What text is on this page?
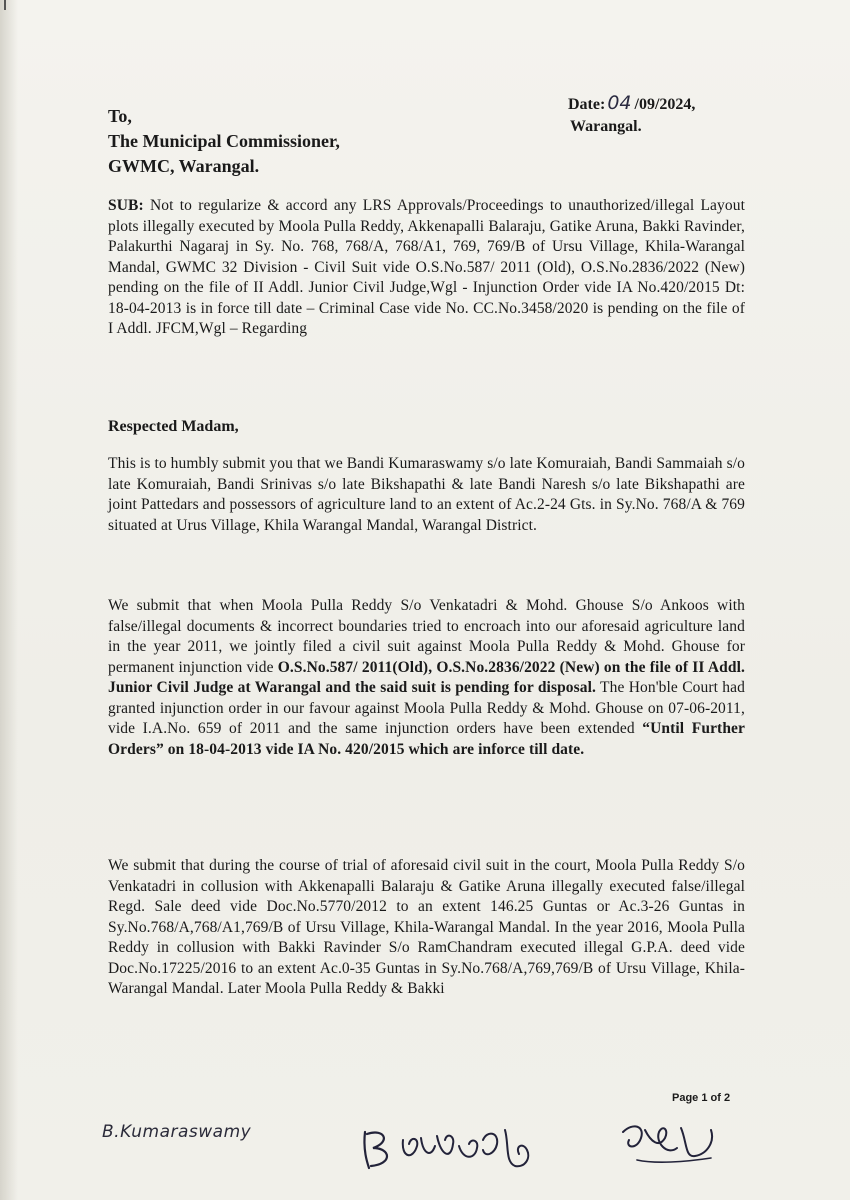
Date: 04 /09/2024,
Warangal.
To,
The Municipal Commissioner,
GWMC, Warangal.
SUB: Not to regularize & accord any LRS Approvals/Proceedings to unauthorized/illegal Layout plots illegally executed by Moola Pulla Reddy, Akkenapalli Balaraju, Gatike Aruna, Bakki Ravinder, Palakurthi Nagaraj in Sy. No. 768, 768/A, 768/A1, 769, 769/B of Ursu Village, Khila-Warangal Mandal, GWMC 32 Division - Civil Suit vide O.S.No.587/ 2011 (Old), O.S.No.2836/2022 (New) pending on the file of II Addl. Junior Civil Judge,Wgl - Injunction Order vide IA No.420/2015 Dt: 18-04-2013 is in force till date – Criminal Case vide No. CC.No.3458/2020 is pending on the file of I Addl. JFCM,Wgl – Regarding
Respected Madam,
This is to humbly submit you that we Bandi Kumaraswamy s/o late Komuraiah, Bandi Sammaiah s/o late Komuraiah, Bandi Srinivas s/o late Bikshapathi & late Bandi Naresh s/o late Bikshapathi are joint Pattedars and possessors of agriculture land to an extent of Ac.2-24 Gts. in Sy.No. 768/A & 769 situated at Urus Village, Khila Warangal Mandal, Warangal District.
We submit that when Moola Pulla Reddy S/o Venkatadri & Mohd. Ghouse S/o Ankoos with false/illegal documents & incorrect boundaries tried to encroach into our aforesaid agriculture land in the year 2011, we jointly filed a civil suit against Moola Pulla Reddy & Mohd. Ghouse for permanent injunction vide O.S.No.587/ 2011(Old), O.S.No.2836/2022 (New) on the file of II Addl. Junior Civil Judge at Warangal and the said suit is pending for disposal. The Hon'ble Court had granted injunction order in our favour against Moola Pulla Reddy & Mohd. Ghouse on 07-06-2011, vide I.A.No. 659 of 2011 and the same injunction orders have been extended “Until Further Orders” on 18-04-2013 vide IA No. 420/2015 which are inforce till date.
We submit that during the course of trial of aforesaid civil suit in the court, Moola Pulla Reddy S/o Venkatadri in collusion with Akkenapalli Balaraju & Gatike Aruna illegally executed false/illegal Regd. Sale deed vide Doc.No.5770/2012 to an extent 146.25 Guntas or Ac.3-26 Guntas in Sy.No.768/A,768/A1,769/B of Ursu Village, Khila-Warangal Mandal. In the year 2016, Moola Pulla Reddy in collusion with Bakki Ravinder S/o RamChandram executed illegal G.P.A. deed vide Doc.No.17225/2016 to an extent Ac.0-35 Guntas in Sy.No.768/A,769,769/B of Ursu Village, Khila-Warangal Mandal. Later Moola Pulla Reddy & Bakki
Page 1 of 2
B.Kumaraswamy
